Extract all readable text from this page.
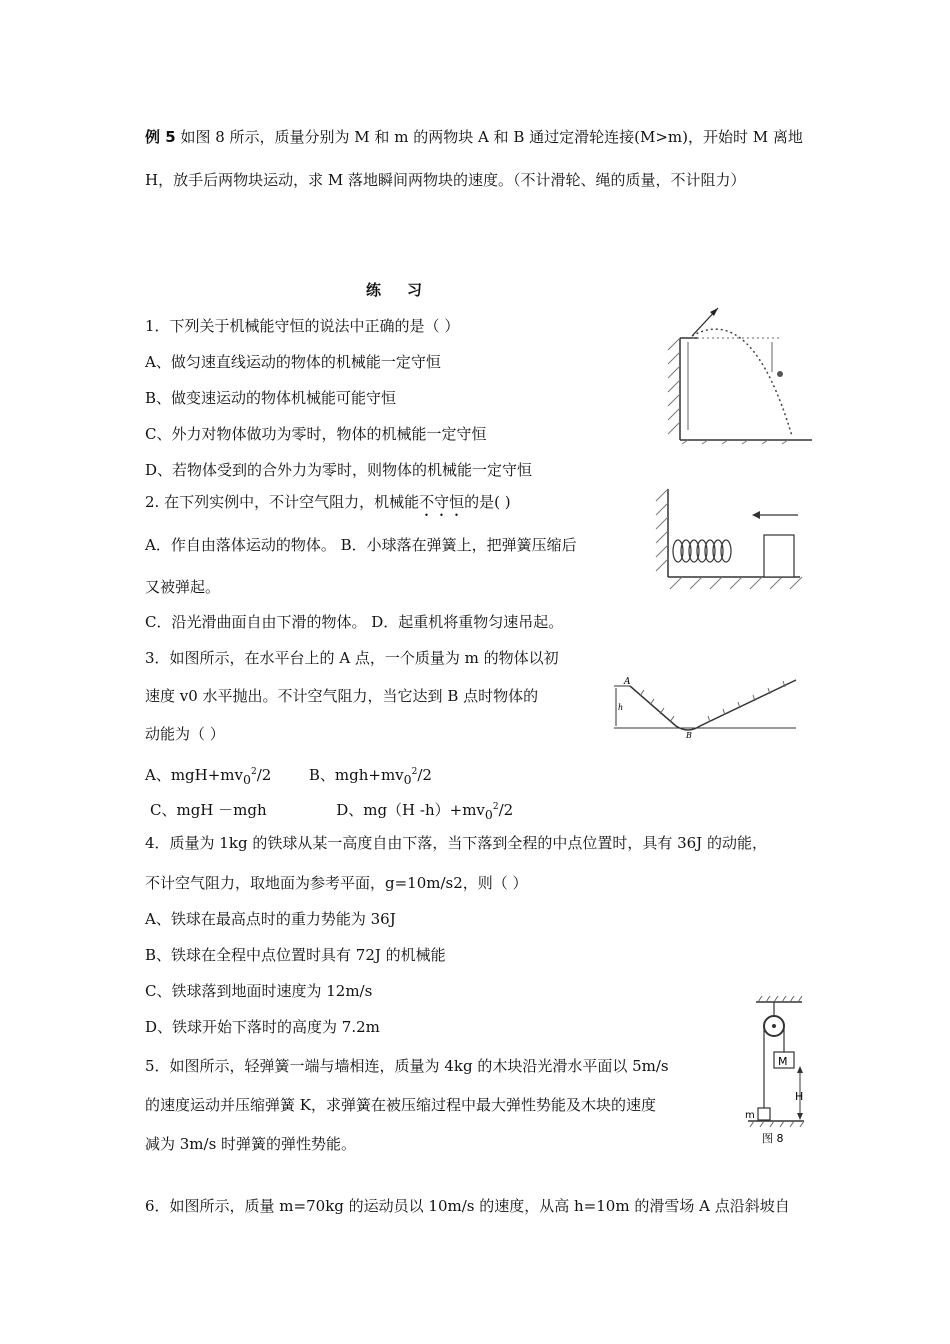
例 5 如图 8 所示，质量分别为 M 和 m 的两物块 A 和 B 通过定滑轮连接(M>m)，开始时 M 离地
H，放手后两物块运动，求 M 落地瞬间两物块的速度。（不计滑轮、绳的质量，不计阻力）
练习
1．下列关于机械能守恒的说法中正确的是（ ）
A、做匀速直线运动的物体的机械能一定守恒
B、做变速运动的物体机械能可能守恒
C、外力对物体做功为零时，物体的机械能一定守恒
D、若物体受到的合外力为零时，则物体的机械能一定守恒
2. 在下列实例中，不计空气阻力，机械能不守恒的是( )
A．作自由落体运动的物体。 B．小球落在弹簧上，把弹簧压缩后
又被弹起。
C．沿光滑曲面自由下滑的物体。 D．起重机将重物匀速吊起。
3．如图所示，在水平台上的 A 点，一个质量为 m 的物体以初
速度 v0 水平抛出。不计空气阻力，当它达到 B 点时物体的
动能为（ ）
A、$mgH+mv_0^2/2$	B、$mgh+mv_0^2/2$
C、mgH －mgh	D、mg（H $-h)+mv_0^2/2$
4．质量为 1kg 的铁球从某一高度自由下落，当下落到全程的中点位置时，具有 36J 的动能，
不计空气阻力，取地面为参考平面，g=10m/s2，则（ ）
A、铁球在最高点时的重力势能为 36J
B、铁球在全程中点位置时具有 72J 的机械能
C、铁球落到地面时速度为 12m/s
D、铁球开始下落时的高度为 7.2m
5．如图所示，轻弹簧一端与墙相连，质量为 4kg 的木块沿光滑水平面以 5m/s
的速度运动并压缩弹簧 K，求弹簧在被压缩过程中最大弹性势能及木块的速度
减为 3m/s 时弹簧的弹性势能。
6．如图所示，质量 m=70kg 的运动员以 10m/s 的速度，从高 h=10m 的滑雪场 A 点沿斜坡自
A
h
B
M
H
m
图 8
